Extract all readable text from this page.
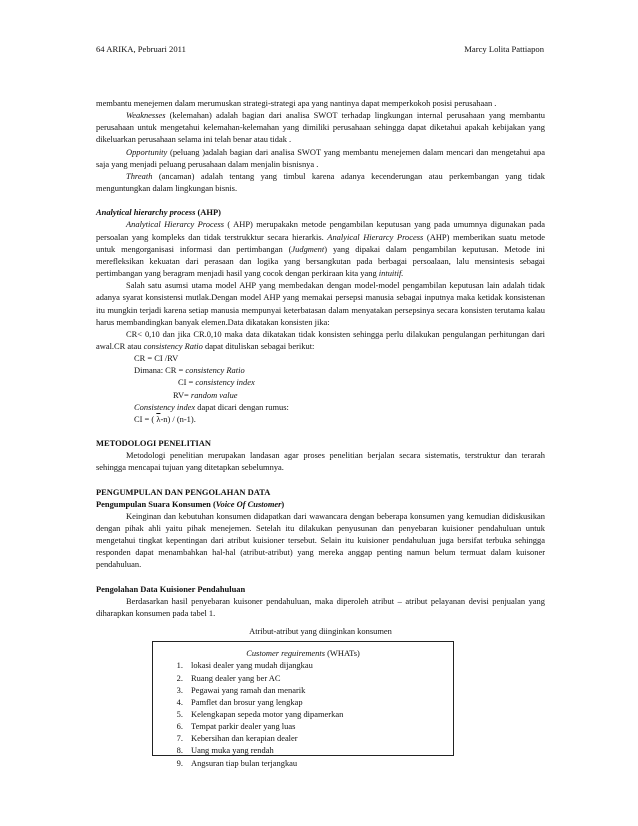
64 ARIKA, Pebruari 2011	Marcy Lolita Pattiapon

membantu menejemen dalam merumuskan strategi-strategi apa yang nantinya dapat memperkokoh posisi perusahaan .

Weaknesses (kelemahan) adalah bagian dari analisa SWOT terhadap lingkungan internal perusahaan yang membantu perusahaan untuk mengetahui kelemahan-kelemahan yang dimiliki perusahaan sehingga dapat diketahui apakah kebijakan yang dikeluarkan perusahaan selama ini telah benar atau tidak .

Opportunity (peluang )adalah bagian dari analisa SWOT yang membantu menejemen dalam mencari dan mengetahui apa saja yang menjadi peluang perusahaan dalam menjalin bisnisnya .

Threath (ancaman) adalah tentang yang timbul karena adanya kecenderungan atau perkembangan yang tidak menguntungkan dalam lingkungan bisnis.

Analytical hierarchy process (AHP)

Analytical Hierarcy Process ( AHP) merupakakn metode pengambilan keputusan yang pada umumnya digunakan pada persoalan yang kompleks dan tidak terstrukktur secara hierarkis. Analyical Hierarcy Process (AHP) memberikan suatu metode untuk mengorganisasi informasi dan pertimbangan (Judgment) yang dipakai dalam pengambilan keputusan. Metode ini merefleksikan kekuatan dari perasaan dan logika yang bersangkutan pada berbagai persoalaan, lalu mensintesis sebagai pertimbangan yang beragram menjadi hasil yang cocok dengan perkiraan kita yang intuitif.

Salah satu asumsi utama model AHP yang membedakan dengan model-model pengambilan keputusan lain adalah tidak adanya syarat konsistensi mutlak.Dengan model AHP yang memakai persepsi manusia sebagai inputnya maka ketidak konsistenan itu mungkin terjadi karena setiap manusia mempunyai keterbatasan dalam menyatakan persepsinya secara konsisten terutama kalau harus membandingkan banyak elemen.Data dikatakan konsisten jika:

CR< 0,10 dan jika CR.0,10 maka data dikatakan tidak konsisten sehingga perlu dilakukan pengulangan perhitungan dari awal.CR atau consistency Ratio dapat dituliskan sebagai berikut:

CR = CI /RV

Dimana: CR = consistency Ratio

CI = consistency index

RV= random value

Consistency index dapat dicari dengan rumus:

CI = ( $\overline{\lambda}-n) / (n-1)$.

METODOLOGI PENELITIAN

Metodologi penelitian merupakan landasan agar proses penelitian berjalan secara sistematis, terstruktur dan terarah sehingga mencapai tujuan yang ditetapkan sebelumnya.

PENGUMPULAN DAN PENGOLAHAN DATA

Pengumpulan Suara Konsumen (Voice Of Customer)

Keinginan dan kebutuhan konsumen didapatkan dari wawancara dengan beberapa konsumen yang kemudian didiskusikan dengan pihak ahli yaitu pihak menejemen. Setelah itu dilakukan penyusunan dan penyebaran kuisioner pendahuluan untuk mengetahui tingkat kepentingan dari atribut kuisioner tersebut. Selain itu kuisioner pendahuluan juga bersifat terbuka sehingga responden dapat menambahkan hal-hal (atribut-atribut) yang mereka anggap penting namun belum termuat dalam kuisoner pendahuluan.

Pengolahan Data Kuisioner Pendahuluan

Berdasarkan hasil penyebaran kuisoner pendahuluan, maka diperoleh atribut – atribut pelayanan devisi penjualan yang diharapkan konsumen pada tabel 1.

Atribut-atribut yang diinginkan konsumen

Customer reguirements (WHATs)
1. lokasi dealer yang mudah dijangkau
2. Ruang dealer yang ber AC
3. Pegawai yang ramah dan menarik
4. Pamflet dan brosur yang lengkap
5. Kelengkapan sepeda motor yang dipamerkan
6. Tempat parkir dealer yang luas
7. Kebersihan dan kerapian dealer
8. Uang muka yang rendah
9. Angsuran tiap bulan terjangkau
